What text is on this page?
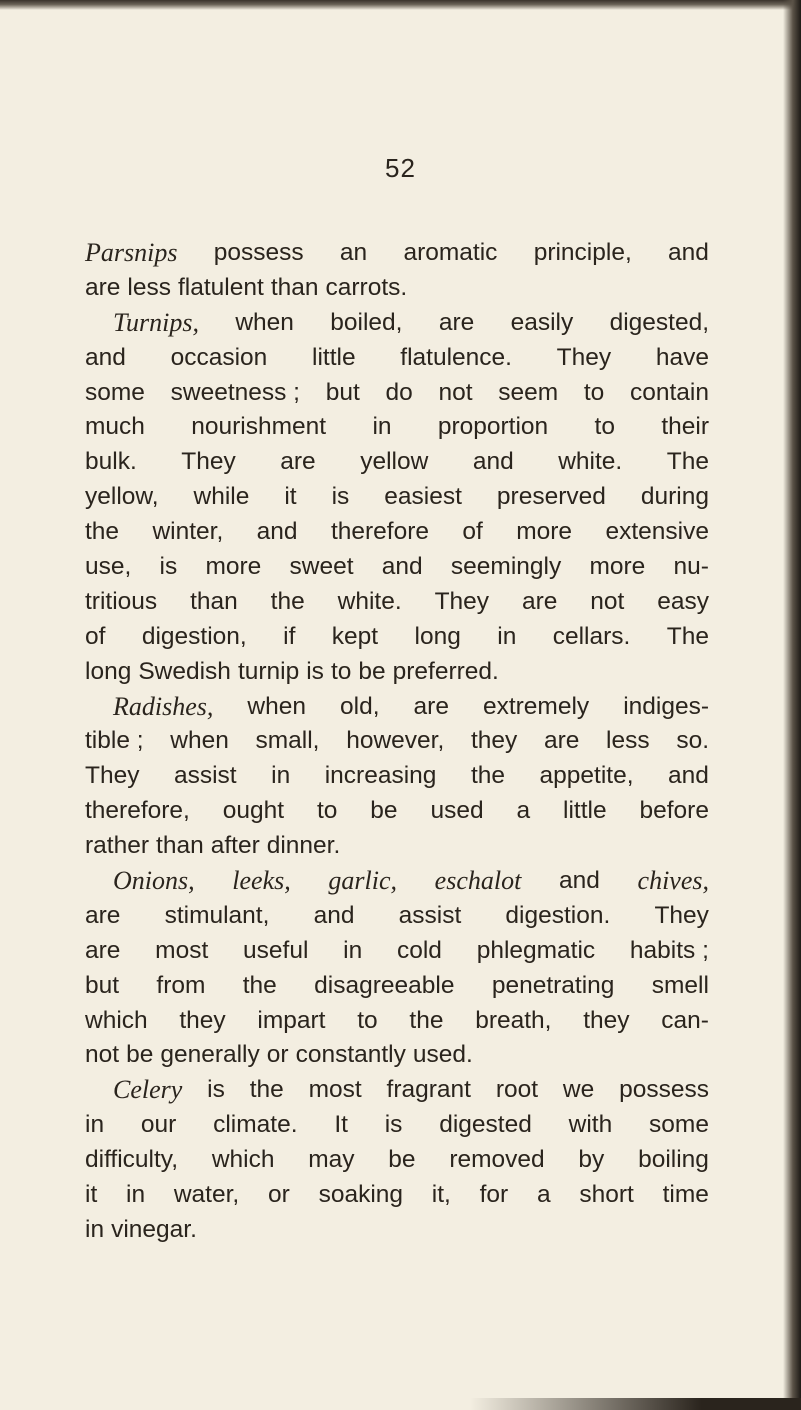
52
Parsnips possess an aromatic principle, and
are less flatulent than carrots.
Turnips, when boiled, are easily digested,
and occasion little flatulence. They have
some sweetness ; but do not seem to contain
much nourishment in proportion to their
bulk. They are yellow and white. The
yellow, while it is easiest preserved during
the winter, and therefore of more extensive
use, is more sweet and seemingly more nu-
tritious than the white. They are not easy
of digestion, if kept long in cellars. The
long Swedish turnip is to be preferred.
Radishes, when old, are extremely indiges-
tible ; when small, however, they are less so.
They assist in increasing the appetite, and
therefore, ought to be used a little before
rather than after dinner.
Onions, leeks, garlic, eschalot and chives,
are stimulant, and assist digestion. They
are most useful in cold phlegmatic habits ;
but from the disagreeable penetrating smell
which they impart to the breath, they can-
not be generally or constantly used.
Celery is the most fragrant root we possess
in our climate. It is digested with some
difficulty, which may be removed by boiling
it in water, or soaking it, for a short time
in vinegar.
